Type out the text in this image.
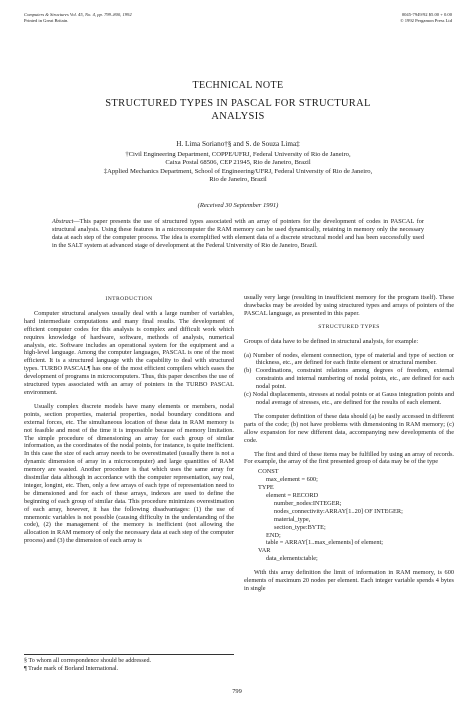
Computers & Structures Vol. 45, No. 4, pp. 799–800, 1992
Printed in Great Britain.
0045-7949/92 $5.00 + 0.00
© 1992 Pergamon Press Ltd
TECHNICAL NOTE
STRUCTURED TYPES IN PASCAL FOR STRUCTURAL
ANALYSIS
H. Lima Soriano†§ and S. de Souza Lima‡
†Civil Engineering Department, COPPE/UFRJ, Federal University of Rio de Janeiro,
Caixa Postal 68506, CEP 21945, Rio de Janeiro, Brazil
‡Applied Mechanics Department, School of Engineering/UFRJ, Federal University of Rio de Janeiro,
Rio de Janeiro, Brazil
(Received 30 September 1991)
Abstract—This paper presents the use of structured types associated with an array of pointers for the development of codes in PASCAL for structural analysis. Using these features in a microcomputer the RAM memory can be used dynamically, retaining in memory only the necessary data at each step of the computer process. The idea is exemplified with element data of a discrete structural model and has been successfully used in the SALT system at advanced stage of development at the Federal University of Rio de Janeiro, Brazil.
INTRODUCTION

Computer structural analyses usually deal with a large number of variables, hard intermediate computations and many final results. The development of efficient computer codes for this analysis is complex and difficult work which requires knowledge of hardware, software, methods of analysis, numerical analysis, etc. Software includes an operational system for the equipment and a high-level language. Among the computer languages, PASCAL is one of the most efficient. It is a structured language with the capability to deal with structured types. TURBO PASCAL¶ has one of the most efficient compilers which eases the development of programs in microcomputers. Thus, this paper describes the use of structured types associated with an array of pointers in the TURBO PASCAL environment.

Usually complex discrete models have many elements or members, nodal points, section properties, material properties, nodal boundary conditions and external forces, etc. The simultaneous location of these data in RAM memory is not feasible and most of the time it is impossible because of memory limitation. The simple procedure of dimensioning an array for each group of similar information, as the coordinates of the nodal points, for instance, is quite inefficient. In this case the size of each array needs to be overestimated (usually there is not a dynamic dimension of array in a microcomputer) and large quantities of RAM memory are wasted. Another procedure is that which uses the same array for dissimilar data although in accordance with the computer representation, say real, integer, longint, etc. Then, only a few arrays of each type of representation need to be dimensioned and for each of these arrays, indexes are used to define the beginning of each group of similar data. This procedure minimizes overestimation of each array, however, it has the following disadvantages: (1) the use of mnemonic variables is not possible (causing difficulty in the understanding of the code), (2) the management of the memory is inefficient (not allowing the allocation in RAM memory of only the necessary data at each step of the computer process) and (3) the dimension of each array is

§ To whom all correspondence should be addressed.
¶ Trade mark of Borland International.

usually very large (resulting in insufficient memory for the program itself). These drawbacks may be avoided by using structured types and arrays of pointers of the PASCAL language, as presented in this paper.

STRUCTURED TYPES

Groups of data have to be defined in structural analysis, for example:

(a) Number of nodes, element connection, type of material and type of section or thickness, etc., are defined for each finite element or structural member.
(b) Coordinations, constraint relations among degrees of freedom, external constraints and internal numbering of nodal points, etc., are defined for each nodal point.
(c) Nodal displacements, stresses at nodal points or at Gauss integration points and nodal average of stresses, etc., are defined for the results of each element.

The computer definition of these data should (a) be easily accessed in different parts of the code; (b) not have problems with dimensioning in RAM memory; (c) allow expansion for new different data, accompanying new developments of the code.

The first and third of these items may be fulfilled by using an array of records. For example, the array of the first presented group of data may be of the type

CONST
max_element = 600;
TYPE
element = RECORD
number_nodes:INTEGER;
nodes_connectivity:ARRAY[1..20] OF INTEGER;
material_type,
section_type:BYTE;
END;
table = ARRAY[1..max_elements] of element;
VAR
data_elements:table;

With this array definition the limit of information in RAM memory, is 600 elements of maximum 20 nodes per element. Each integer variable spends 4 bytes in single

799
